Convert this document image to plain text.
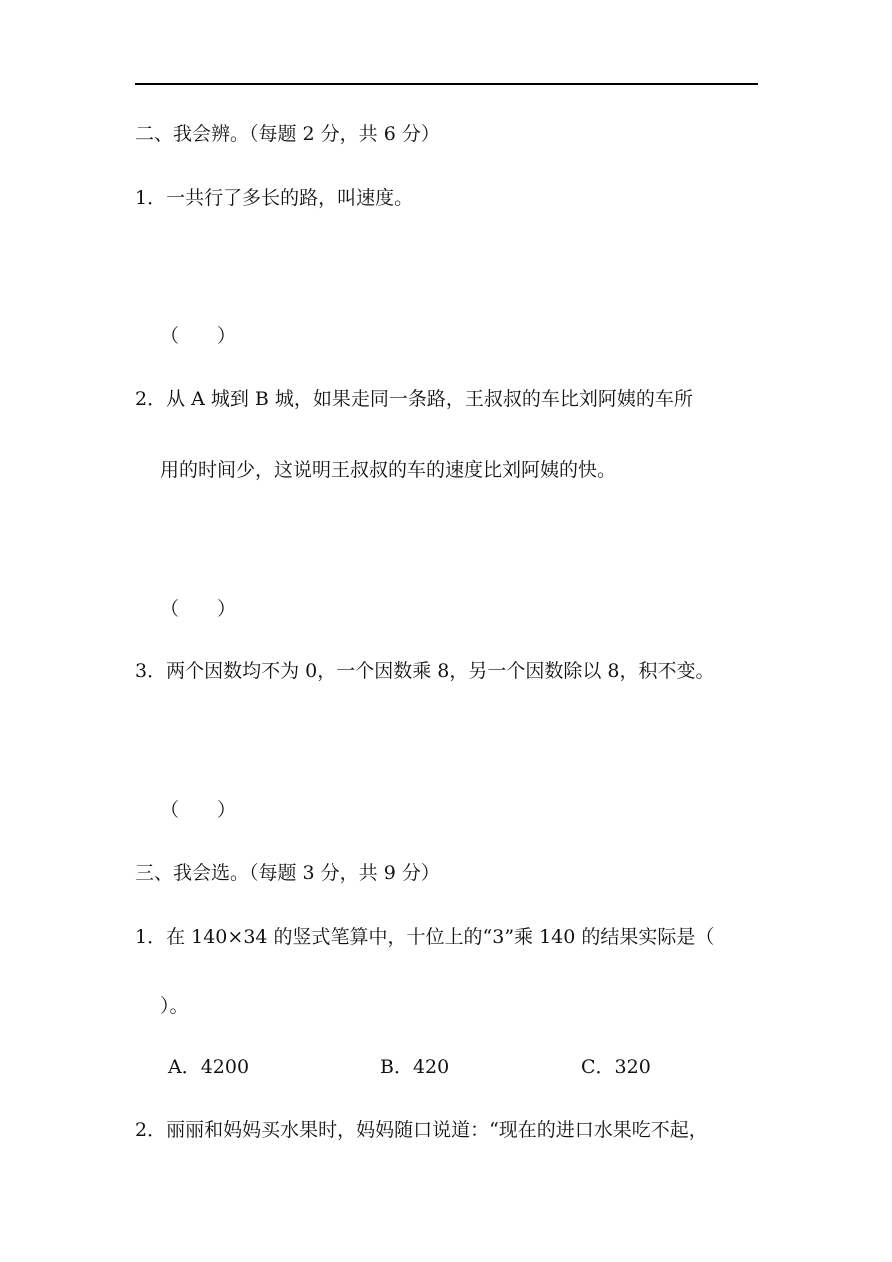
二、我会辨。（每题 2 分，共 6 分）
1．一共行了多长的路，叫速度。
（　　）
2．从 A 城到 B 城，如果走同一条路，王叔叔的车比刘阿姨的车所
用的时间少，这说明王叔叔的车的速度比刘阿姨的快。
（　　）
3．两个因数均不为 0，一个因数乘 8，另一个因数除以 8，积不变。
（　　）
三、我会选。（每题 3 分，共 9 分）
1．在 140×34 的竖式笔算中，十位上的“3”乘 140 的结果实际是（
）。
A．4200	B．420	C．320
2．丽丽和妈妈买水果时，妈妈随口说道：“现在的进口水果吃不起，
